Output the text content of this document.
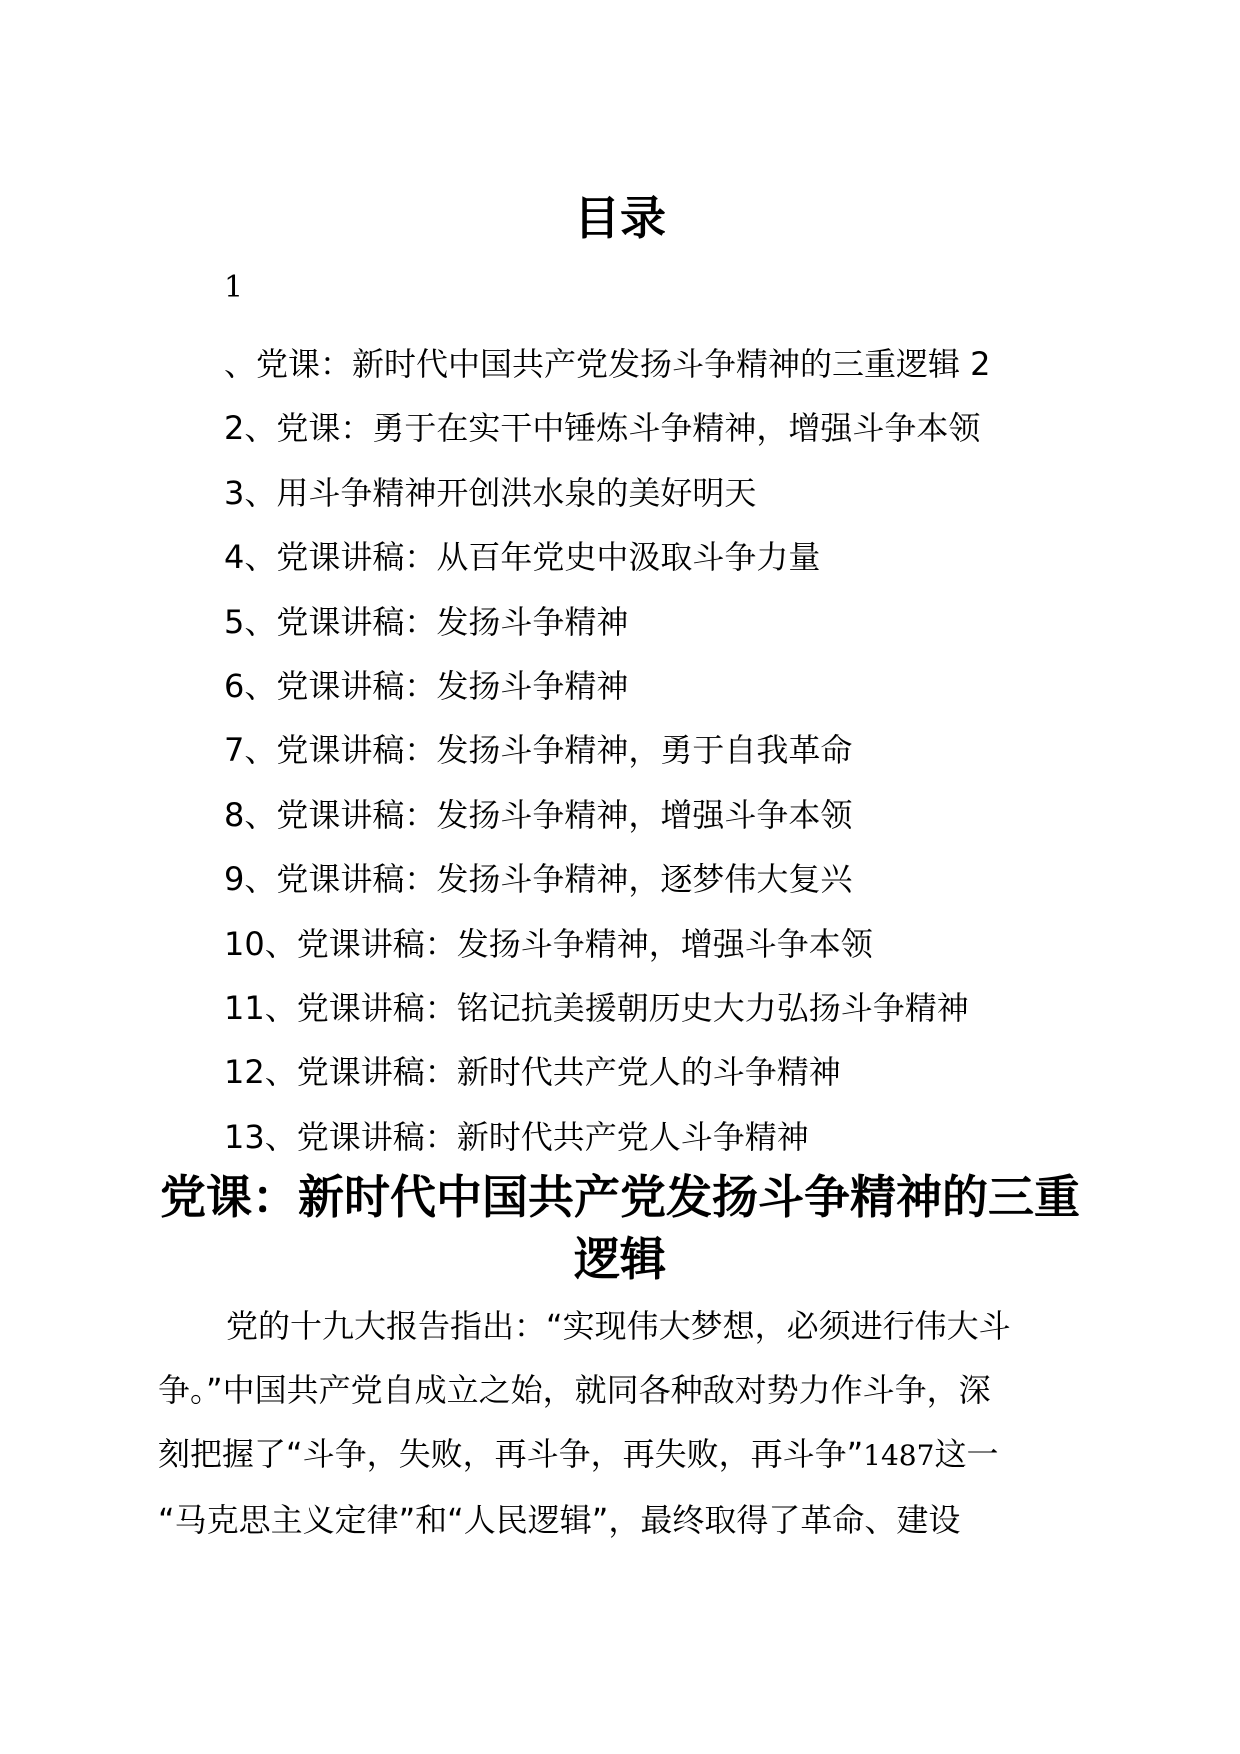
目录
1
、党课：新时代中国共产党发扬斗争精神的三重逻辑 2
2、党课：勇于在实干中锤炼斗争精神，增强斗争本领
3、用斗争精神开创洪水泉的美好明天
4、党课讲稿：从百年党史中汲取斗争力量
5、党课讲稿：发扬斗争精神
6、党课讲稿：发扬斗争精神
7、党课讲稿：发扬斗争精神，勇于自我革命
8、党课讲稿：发扬斗争精神，增强斗争本领
9、党课讲稿：发扬斗争精神，逐梦伟大复兴
10、党课讲稿：发扬斗争精神，增强斗争本领
11、党课讲稿：铭记抗美援朝历史大力弘扬斗争精神
12、党课讲稿：新时代共产党人的斗争精神
13、党课讲稿：新时代共产党人斗争精神
党课：新时代中国共产党发扬斗争精神的三重
逻辑

党的十九大报告指出：“实现伟大梦想，必须进行伟大斗
争。”中国共产党自成立之始，就同各种敌对势力作斗争，深
刻把握了“斗争，失败，再斗争，再失败，再斗争”1487这一
“马克思主义定律”和“人民逻辑”，最终取得了革命、建设
